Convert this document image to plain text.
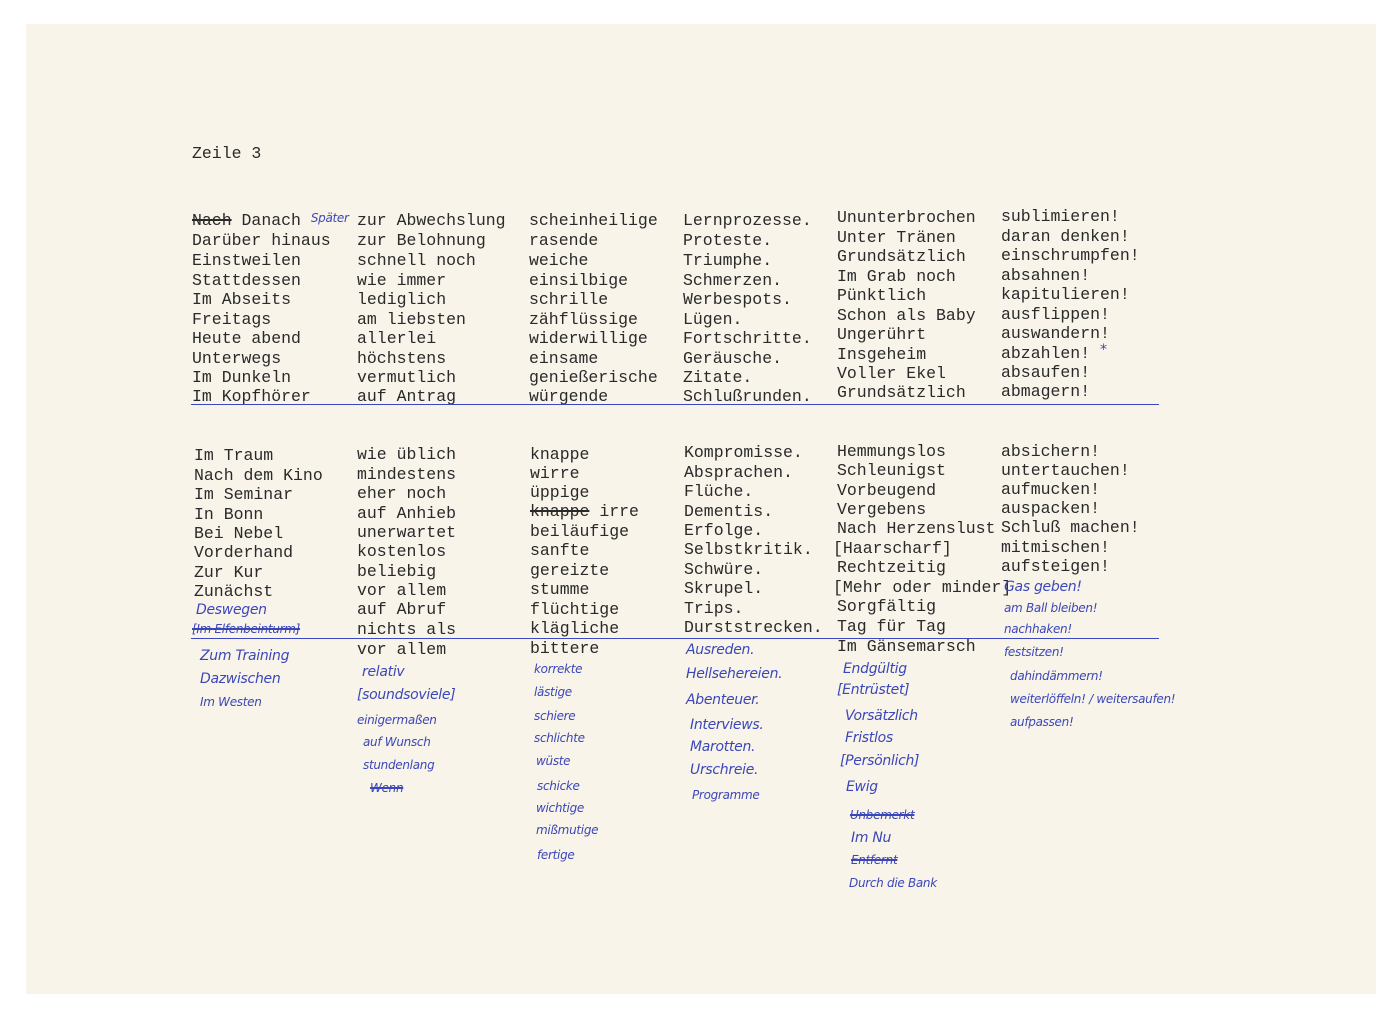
Zeile 3
Nach Danach Später
Darüber hinaus
Einstweilen
Stattdessen
Im Abseits
Freitags
Heute abend
Unterwegs
Im Dunkeln
Im Kopfhörer
zur Abwechslung
zur Belohnung
schnell noch
wie immer
lediglich
am liebsten
allerlei
höchstens
vermutlich
auf Antrag
scheinheilige
rasende
weiche
einsilbige
schrille
zähflüssige
widerwillige
einsame
genießerische
würgende
Lernprozesse.
Proteste.
Triumphe.
Schmerzen.
Werbespots.
Lügen.
Fortschritte.
Geräusche.
Zitate.
Schlußrunden.
Ununterbrochen
Unter Tränen
Grundsätzlich
Im Grab noch
Pünktlich
Schon als Baby
Ungerührt
Insgeheim
Voller Ekel
Grundsätzlich
sublimieren!
daran denken!
einschrumpfen!
absahnen!
kapitulieren!
ausflippen!
auswandern!
abzahlen! *
absaufen!
abmagern!
Im Traum
Nach dem Kino
Im Seminar
In Bonn
Bei Nebel
Vorderhand
Zur Kur
Zunächst
Deswegen
[Im Elfenbeinturm]
wie üblich
mindestens
eher noch
auf Anhieb
unerwartet
kostenlos
beliebig
vor allem
auf Abruf
nichts als
knappe
wirre
üppige
knappe irre
beiläufige
sanfte
gereizte
stumme
flüchtige
klägliche
Kompromisse.
Absprachen.
Flüche.
Dementis.
Erfolge.
Selbstkritik.
Schwüre.
Skrupel.
Trips.
Durststrecken.
Hemmungslos
Schleunigst
Vorbeugend
Vergebens
Nach Herzenslust
[Haarscharf]
Rechtzeitig
[Mehr oder minder]
Sorgfältig
Tag für Tag
absichern!
untertauchen!
aufmucken!
auspacken!
Schluß machen!
mitmischen!
aufsteigen!
Gas geben!
am Ball bleiben!
nachhaken!
vor allem	bittere	Im Gänsemarsch
Zum Training
Dazwischen
Im Westen
relativ
[soundsoviele]
einigermaßen
auf Wunsch
stundenlang
Wenn
korrekte
lästige
schiere
schlichte
wüste
schicke
wichtige
mißmutige
fertige
Ausreden.
Hellsehereien.
Abenteuer.
Interviews.
Marotten.
Urschreie.
Programme
Endgültig
[Entrüstet]
Vorsätzlich
Fristlos
[Persönlich]
Ewig
Unbemerkt
Im Nu
Entfernt
Durch die Bank
festsitzen!
dahindämmern!
weiterlöffeln! / weitersaufen!
aufpassen!
